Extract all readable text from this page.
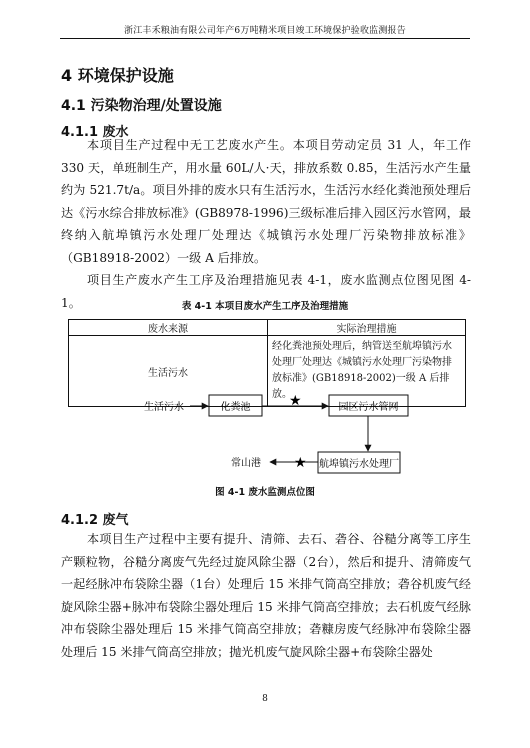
浙江丰禾粮油有限公司年产6万吨精米项目竣工环境保护验收监测报告
4 环境保护设施
4.1 污染物治理/处置设施
4.1.1 废水

本项目生产过程中无工艺废水产生。本项目劳动定员 31 人，年工作 330 天，单班制生产，用水量 60L/人·天，排放系数 0.85，生活污水产生量约为 521.7t/a。项目外排的废水只有生活污水，生活污水经化粪池预处理后达《污水综合排放标准》(GB8978-1996)三级标准后排入园区污水管网，最终纳入航埠镇污水处理厂处理达《城镇污水处理厂污染物排放标准》（GB18918-2002）一级 A 后排放。

项目生产废水产生工序及治理措施见表 4-1，废水监测点位图见图 4-1。	表 4-1 本项目废水产生工序及治理措施
废水来源	实际治理措施
生活污水	经化粪池预处理后，纳管送至航埠镇污水处理厂处理达《城镇污水处理厂污染物排放标准》(GB18918-2002)一级 A 后排放。
生活污水	化粪池	★	园区污水管网
航埠镇污水处理厂
★
常山港
图 4-1 废水监测点位图
4.1.2 废气

本项目生产过程中主要有提升、清筛、去石、砻谷、谷糙分离等工序生产颗粒物，谷糙分离废气先经过旋风除尘器（2台），然后和提升、清筛废气一起经脉冲布袋除尘器（1台）处理后 15 米排气筒高空排放；砻谷机废气经旋风除尘器+脉冲布袋除尘器处理后 15 米排气筒高空排放；去石机废气经脉冲布袋除尘器处理后 15 米排气筒高空排放；砻糠房废气经脉冲布袋除尘器处理后 15 米排气筒高空排放；抛光机废气旋风除尘器+布袋除尘器处

8
